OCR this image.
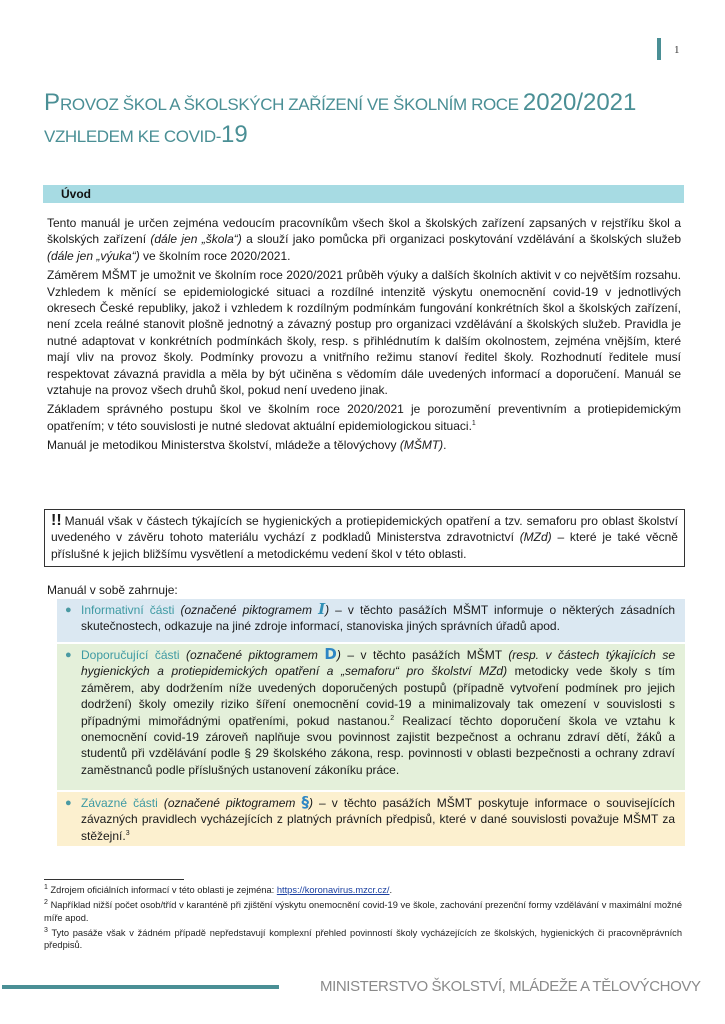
1
PROVOZ ŠKOL A ŠKOLSKÝCH ZAŘÍZENÍ VE ŠKOLNÍM ROCE 2020/2021
VZHLEDEM KE COVID-19
Úvod

Tento manuál je určen zejména vedoucím pracovníkům všech škol a školských zařízení zapsaných v rejstříku škol a školských zařízení (dále jen „škola“) a slouží jako pomůcka při organizaci poskytování vzdělávání a školských služeb (dále jen „výuka“) ve školním roce 2020/2021.

Záměrem MŠMT je umožnit ve školním roce 2020/2021 průběh výuky a dalších školních aktivit v co největším rozsahu. Vzhledem k měnící se epidemiologické situaci a rozdílné intenzitě výskytu onemocnění covid-19 v jednotlivých okresech České republiky, jakož i vzhledem k rozdílným podmínkám fungování konkrétních škol a školských zařízení, není zcela reálné stanovit plošně jednotný a závazný postup pro organizaci vzdělávání a školských služeb. Pravidla je nutné adaptovat v konkrétních podmínkách školy, resp. s přihlédnutím k dalším okolnostem, zejména vnějším, které mají vliv na provoz školy. Podmínky provozu a vnitřního režimu stanoví ředitel školy. Rozhodnutí ředitele musí respektovat závazná pravidla a měla by být učiněna s vědomím dále uvedených informací a doporučení. Manuál se vztahuje na provoz všech druhů škol, pokud není uvedeno jinak.

Základem správného postupu škol ve školním roce 2020/2021 je porozumění preventivním a protiepidemickým opatřením; v této souvislosti je nutné sledovat aktuální epidemiologickou situaci.$^1$

Manuál je metodikou Ministerstva školství, mládeže a tělovýchovy (MŠMT).

!! Manuál však v částech týkajících se hygienických a protiepidemických opatření a tzv. semaforu pro oblast školství uvedeného v závěru tohoto materiálu vychází z podkladů Ministerstva zdravotnictví (MZd) – které je také věcně příslušné k jejich bližšímu vysvětlení a metodickému vedení škol v této oblasti.
Manuál v sobě zahrnuje:
● Informativní části (označené piktogramem I) – v těchto pasážích MŠMT informuje o některých zásadních skutečnostech, odkazuje na jiné zdroje informací, stanoviska jiných správních úřadů apod.
● Doporučující části (označené piktogramem D) – v těchto pasážích MŠMT (resp. v částech týkajících se hygienických a protiepidemických opatření a „semaforu“ pro školství MZd) metodicky vede školy s tím záměrem, aby dodržením níže uvedených doporučených postupů (případně vytvoření podmínek pro jejich dodržení) školy omezily riziko šíření onemocnění covid-19 a minimalizovaly tak omezení v souvislosti s případnými mimořádnými opatřeními, pokud nastanou.$^2$ Realizací těchto doporučení škola ve vztahu k onemocnění covid-19 zároveň naplňuje svou povinnost zajistit bezpečnost a ochranu zdraví dětí, žáků a studentů při vzdělávání podle § 29 školského zákona, resp. povinnosti v oblasti bezpečnosti a ochrany zdraví zaměstnanců podle příslušných ustanovení zákoníku práce.
● Závazné části (označené piktogramem §) – v těchto pasážích MŠMT poskytuje informace o souvisejících závazných pravidlech vycházejících z platných právních předpisů, které v dané souvislosti považuje MŠMT za stěžejní.$^3$

$^1$ Zdrojem oficiálních informací v této oblasti je zejména: https://koronavirus.mzcr.cz/.

$^2$ Například nižší počet osob/tříd v karanténě při zjištění výskytu onemocnění covid-19 ve škole, zachování prezenční formy vzdělávání v maximální možné míře apod.

$^3$ Tyto pasáže však v žádném případě nepředstavují komplexní přehled povinností školy vycházejících ze školských, hygienických či pracovněprávních předpisů.

MINISTERSTVO ŠKOLSTVÍ, MLÁDEŽE A TĚLOVÝCHOVY
